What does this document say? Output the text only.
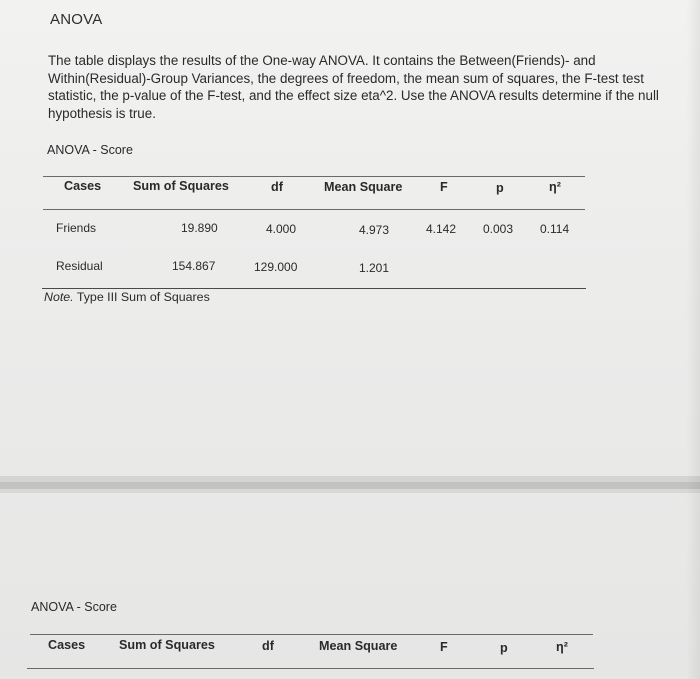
ANOVA
The table displays the results of the One-way ANOVA. It contains the Between(Friends)- and Within(Residual)-Group Variances, the degrees of freedom, the mean sum of squares, the F-test test statistic, the p-value of the F-test, and the effect size eta^2. Use the ANOVA results determine if the null hypothesis is true.
ANOVA - Score
Cases	Sum of Squares	df	Mean Square	F	p	η²
Friends	19.890	4.000	4.973	4.142 0.003 0.114
Residual	154.867	129.000	1.201
Note. Type III Sum of Squares
ANOVA - Score
Cases	Sum of Squares	df	Mean Square	F	p	η²
